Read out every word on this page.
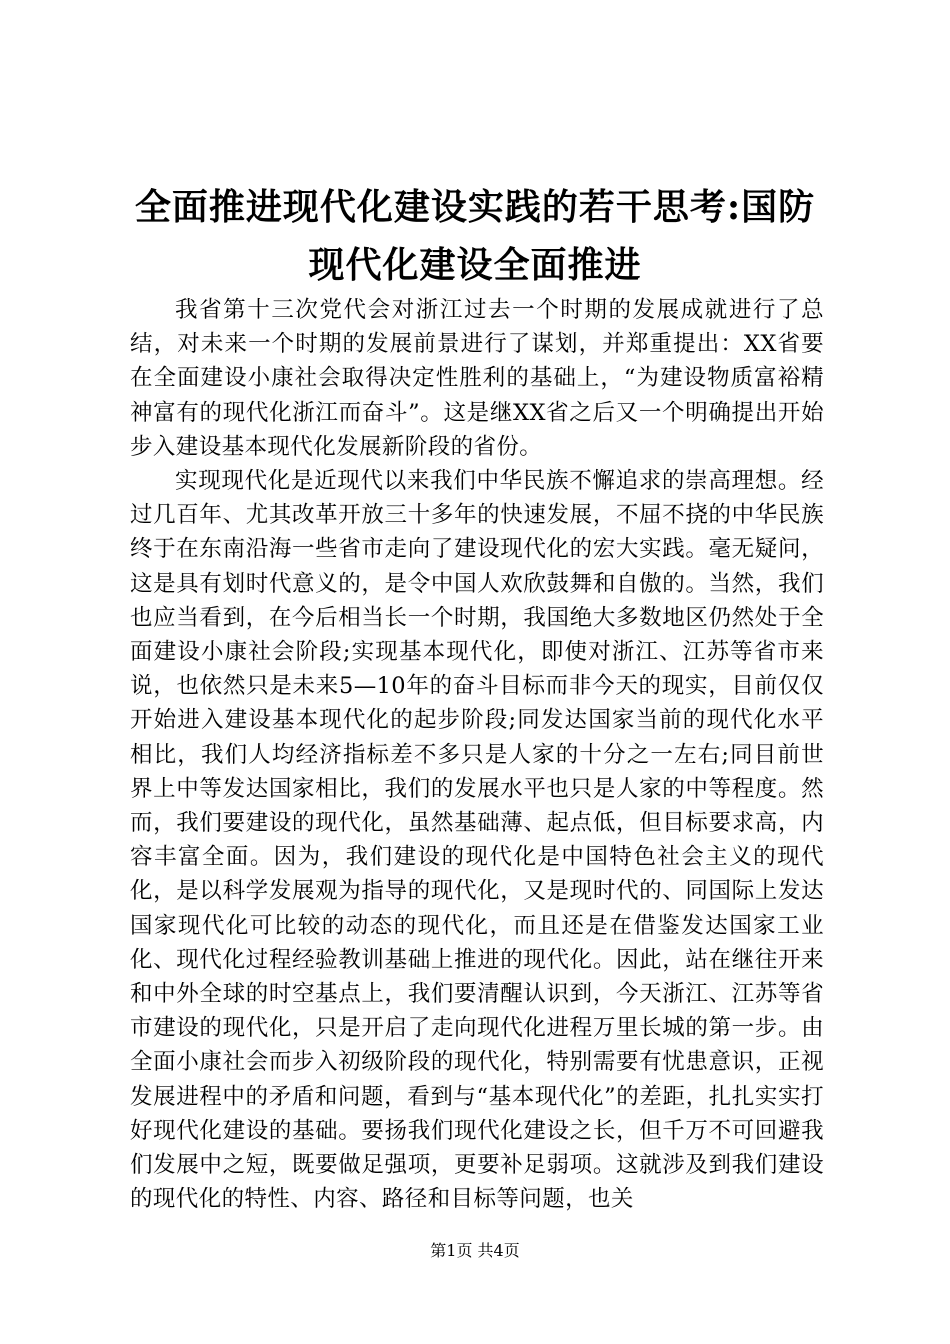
全面推进现代化建设实践的若干思考:国防现代化建设全面推进

我省第十三次党代会对浙江过去一个时期的发展成就进行了总结，对未来一个时期的发展前景进行了谋划，并郑重提出：XX省要在全面建设小康社会取得决定性胜利的基础上，“为建设物质富裕精神富有的现代化浙江而奋斗”。这是继XX省之后又一个明确提出开始步入建设基本现代化发展新阶段的省份。

实现现代化是近现代以来我们中华民族不懈追求的崇高理想。经过几百年、尤其改革开放三十多年的快速发展，不屈不挠的中华民族终于在东南沿海一些省市走向了建设现代化的宏大实践。毫无疑问，这是具有划时代意义的，是令中国人欢欣鼓舞和自傲的。当然，我们也应当看到，在今后相当长一个时期，我国绝大多数地区仍然处于全面建设小康社会阶段;实现基本现代化，即使对浙江、江苏等省市来说，也依然只是未来5—10年的奋斗目标而非今天的现实，目前仅仅开始进入建设基本现代化的起步阶段;同发达国家当前的现代化水平相比，我们人均经济指标差不多只是人家的十分之一左右;同目前世界上中等发达国家相比，我们的发展水平也只是人家的中等程度。然而，我们要建设的现代化，虽然基础薄、起点低，但目标要求高，内容丰富全面。因为，我们建设的现代化是中国特色社会主义的现代化，是以科学发展观为指导的现代化，又是现时代的、同国际上发达国家现代化可比较的动态的现代化，而且还是在借鉴发达国家工业化、现代化过程经验教训基础上推进的现代化。因此，站在继往开来和中外全球的时空基点上，我们要清醒认识到，今天浙江、江苏等省市建设的现代化，只是开启了走向现代化进程万里长城的第一步。由全面小康社会而步入初级阶段的现代化，特别需要有忧患意识，正视发展进程中的矛盾和问题，看到与“基本现代化”的差距，扎扎实实打好现代化建设的基础。要扬我们现代化建设之长，但千万不可回避我们发展中之短，既要做足强项，更要补足弱项。这就涉及到我们建设的现代化的特性、内容、路径和目标等问题，也关

第1页 共4页
